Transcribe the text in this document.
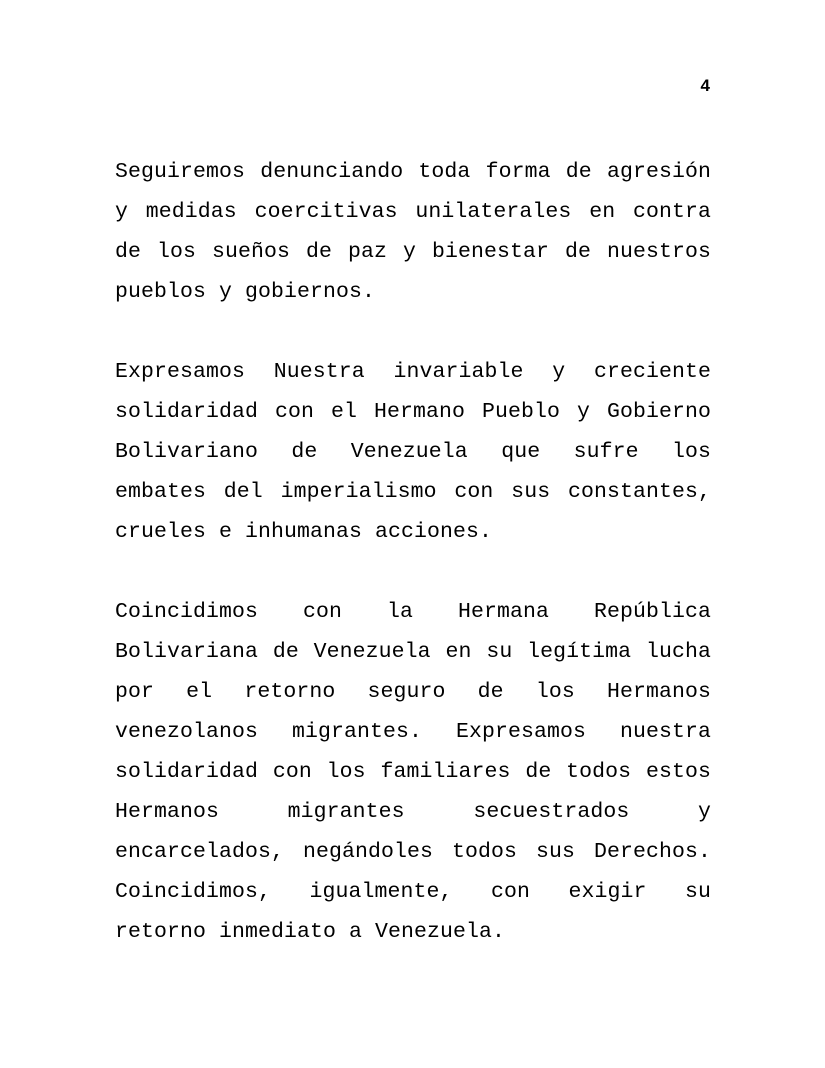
4

Seguiremos denunciando toda forma de agresión y medidas coercitivas unilaterales en contra de los sueños de paz y bienestar de nuestros pueblos y gobiernos.

Expresamos Nuestra invariable y creciente solidaridad con el Hermano Pueblo y Gobierno Bolivariano de Venezuela que sufre los embates del imperialismo con sus constantes, crueles e inhumanas acciones.

Coincidimos con la Hermana República Bolivariana de Venezuela en su legítima lucha por el retorno seguro de los Hermanos venezolanos migrantes. Expresamos nuestra solidaridad con los familiares de todos estos Hermanos migrantes secuestrados y encarcelados, negándoles todos sus Derechos. Coincidimos, igualmente, con exigir su retorno inmediato a Venezuela.
